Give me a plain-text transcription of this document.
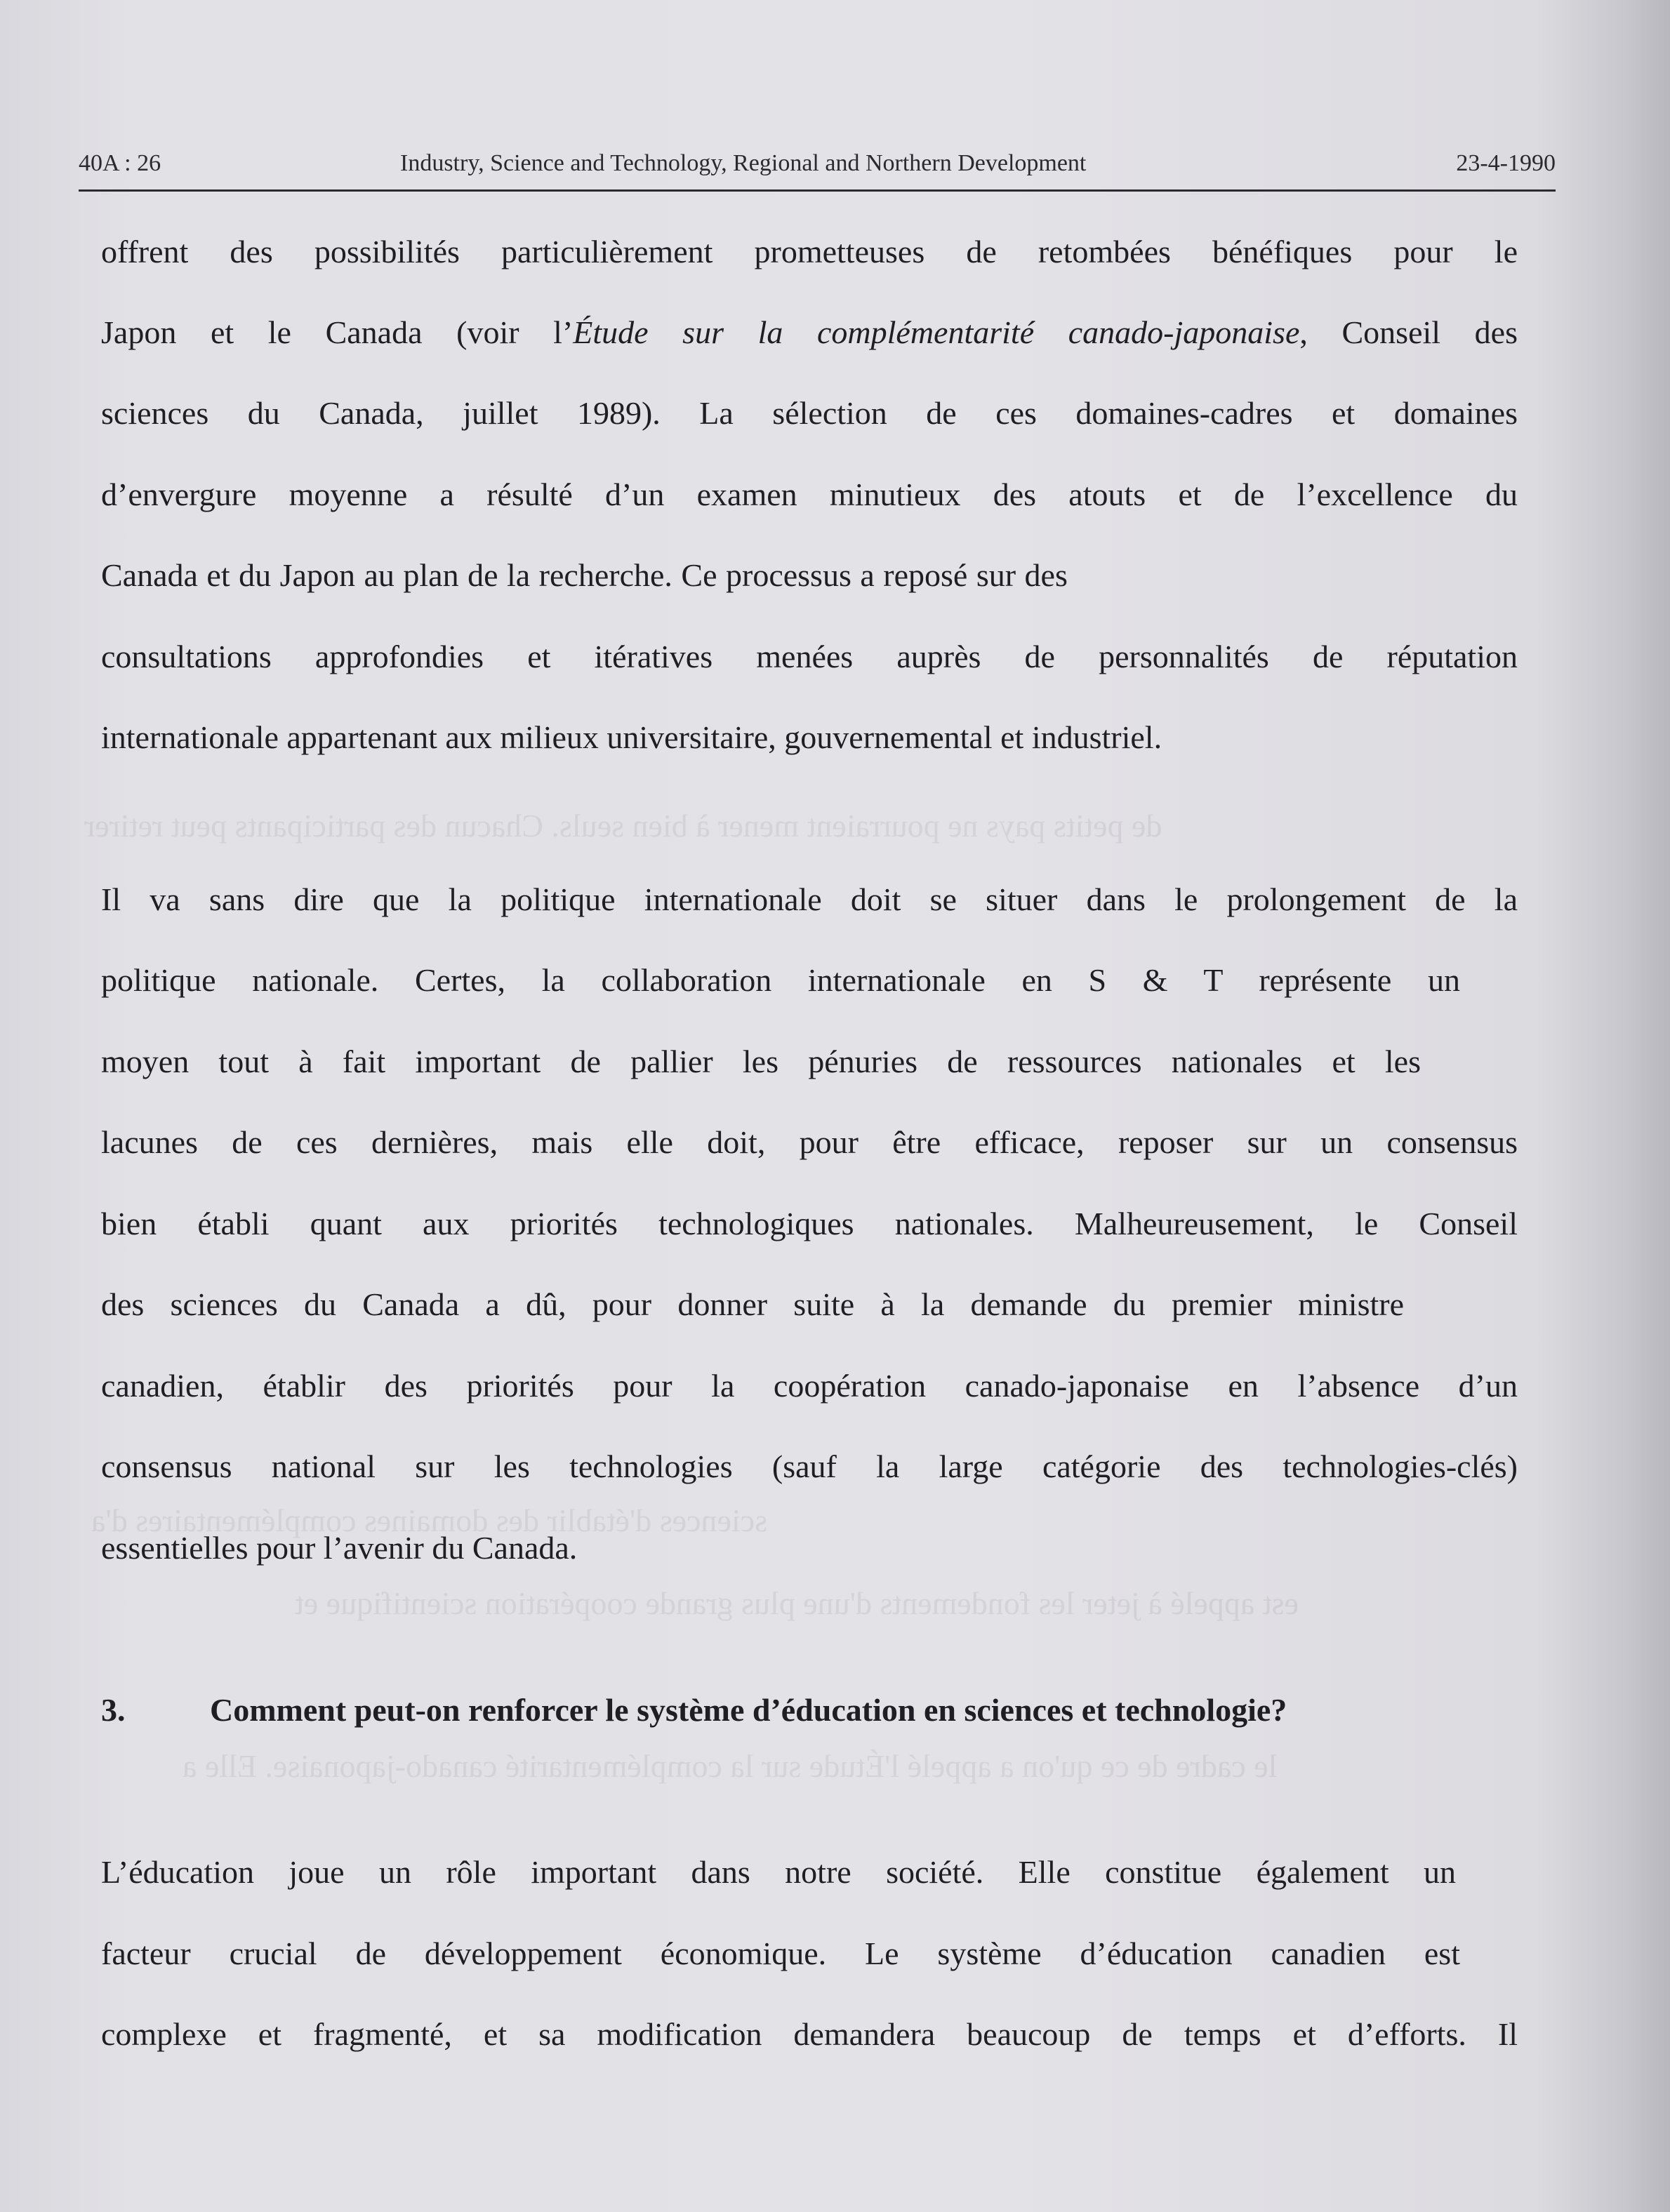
de petits pays ne pourraient mener à bien seuls. Chacun des participants peut retirer
sciences d'établir des domaines complémentaires d'a
est appelé à jeter les fondements d'une plus grande coopération scientifique et
le cadre de ce qu'on a appelé l'Étude sur la complémentarité canado-japonaise. Elle a
40A : 26	Industry, Science and Technology, Regional and Northern Development	23-4-1990
offrent des possibilités particulièrement prometteuses de retombées bénéfiques pour le
Japon et le Canada (voir l’Étude sur la complémentarité canado-japonaise, Conseil des
sciences du Canada, juillet 1989). La sélection de ces domaines-cadres et domaines
d’envergure moyenne a résulté d’un examen minutieux des atouts et de l’excellence du
Canada et du Japon au plan de la recherche. Ce processus a reposé sur des
consultations approfondies et itératives menées auprès de personnalités de réputation
internationale appartenant aux milieux universitaire, gouvernemental et industriel.
Il va sans dire que la politique internationale doit se situer dans le prolongement de la
politique nationale. Certes, la collaboration internationale en S & T représente un
moyen tout à fait important de pallier les pénuries de ressources nationales et les
lacunes de ces dernières, mais elle doit, pour être efficace, reposer sur un consensus
bien établi quant aux priorités technologiques nationales. Malheureusement, le Conseil
des sciences du Canada a dû, pour donner suite à la demande du premier ministre
canadien, établir des priorités pour la coopération canado-japonaise en l’absence d’un
consensus national sur les technologies (sauf la large catégorie des technologies-clés)
essentielles pour l’avenir du Canada.
3.	Comment peut-on renforcer le système d’éducation en sciences et technologie?
L’éducation joue un rôle important dans notre société. Elle constitue également un
facteur crucial de développement économique. Le système d’éducation canadien est
complexe et fragmenté, et sa modification demandera beaucoup de temps et d’efforts. Il
